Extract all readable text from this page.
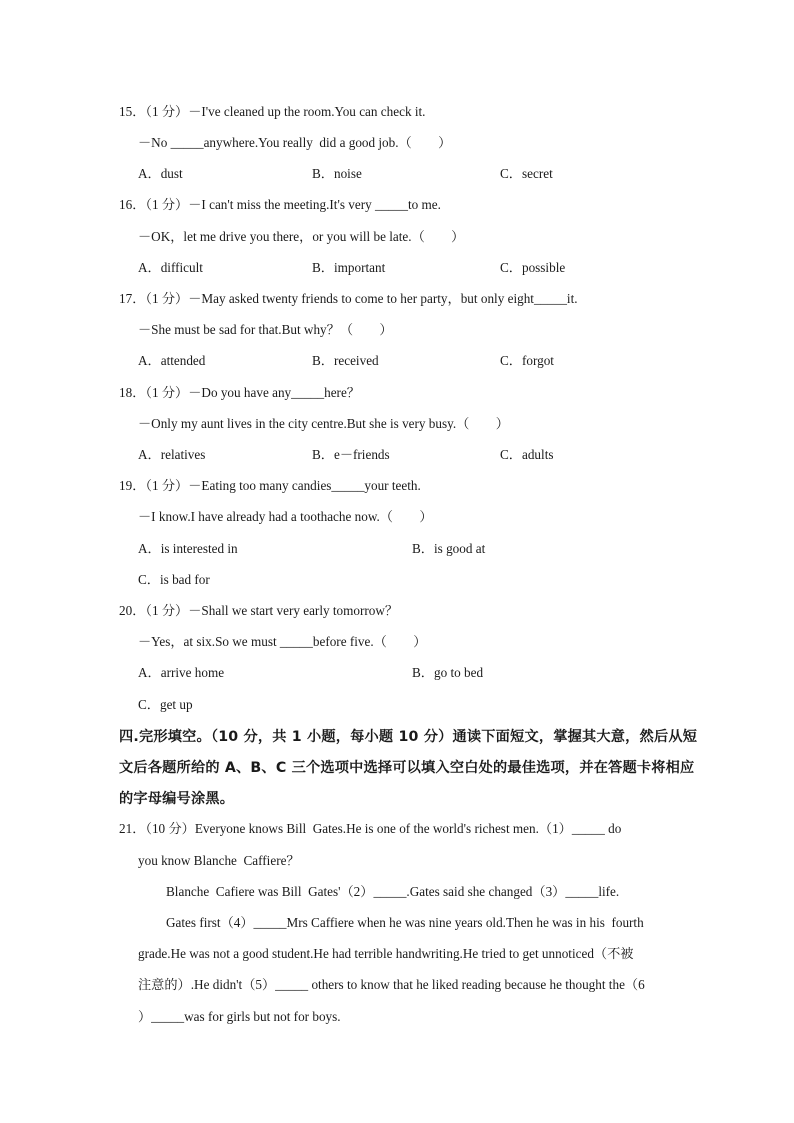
15．（1 分）－I've cleaned up the room.You can check it.
－No _____anywhere.You really  did a good job.（　　）
A．dust	B．noise	C．secret
16．（1 分）－I can't miss the meeting.It's very _____to me.
－OK，let me drive you there，or you will be late.（　　）
A．difficult	B．important	C．possible
17．（1 分）－May asked twenty friends to come to her party，but only eight_____it.
－She must be sad for that.But why？（　　）
A．attended	B．received	C．forgot
18．（1 分）－Do you have any_____here？
－Only my aunt lives in the city centre.But she is very busy.（　　）
A．relatives	B．e－friends	C．adults
19．（1 分）－Eating too many candies_____your teeth.
－I know.I have already had a toothache now.（　　）
A．is interested in	B．is good at
C．is bad for
20．（1 分）－Shall we start very early tomorrow？
－Yes，at six.So we must _____before five.（　　）
A．arrive home	B．go to bed
C．get up
四.完形填空。（10 分，共 1 小题，每小题 10 分）通读下面短文，掌握其大意，然后从短
文后各题所给的 A、B、C 三个选项中选择可以填入空白处的最佳选项，并在答题卡将相应
的字母编号涂黑。
21．（10 分）Everyone knows Bill  Gates.He is one of the world's richest men.（1）_____ do
you know Blanche  Caffiere？
Blanche  Cafiere was Bill  Gates'（2）_____.Gates said she changed（3）_____life.
Gates first（4）_____Mrs Caffiere when he was nine years old.Then he was in his  fourth
grade.He was not a good student.He had terrible handwriting.He tried to get unnoticed（不被
注意的）.He didn't（5）_____ others to know that he liked reading because he thought the（6
）_____was for girls but not for boys.
